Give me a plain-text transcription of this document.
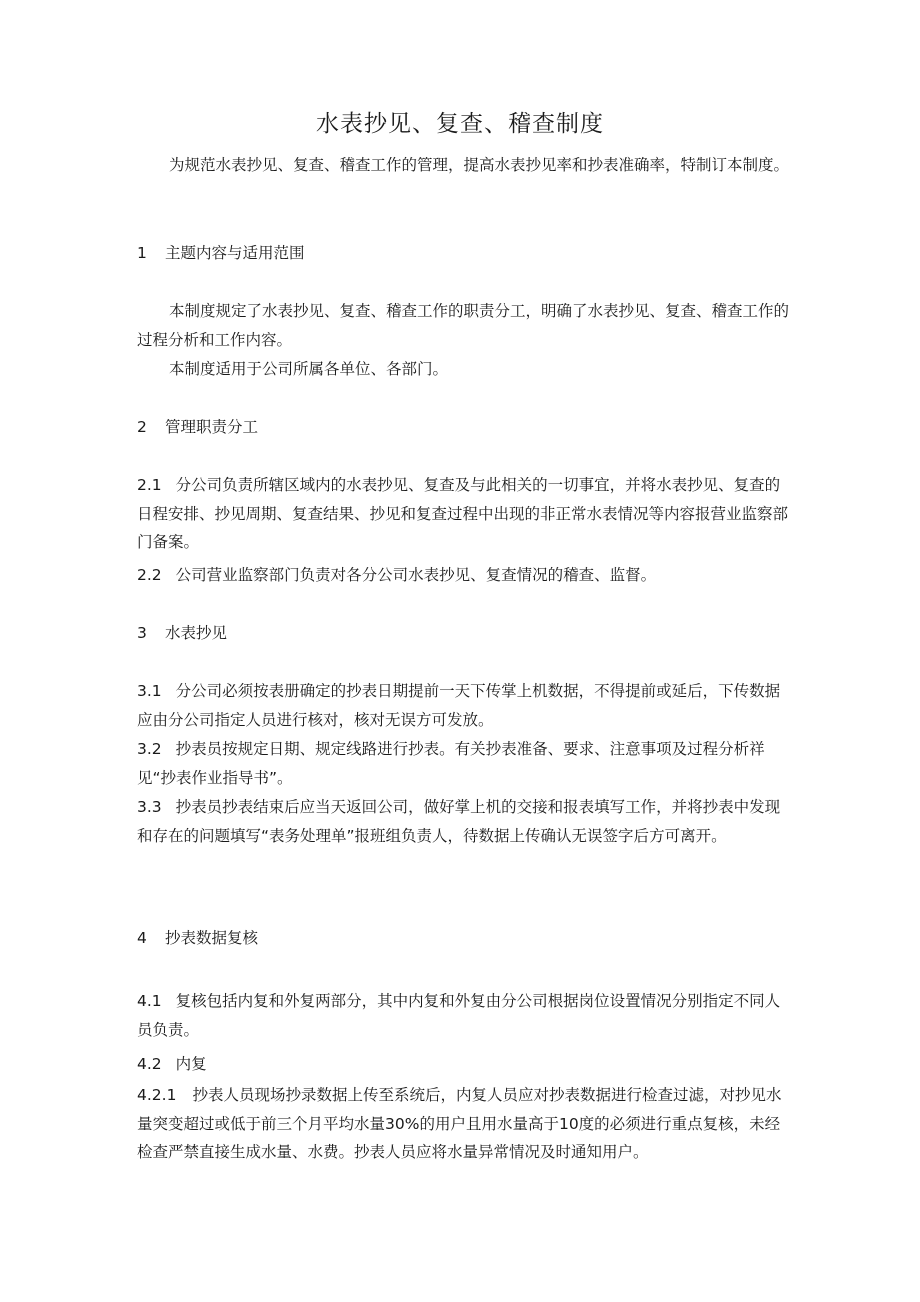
水表抄见、复查、稽查制度
为规范水表抄见、复查、稽查工作的管理，提高水表抄见率和抄表准确率，特制订本制度。
1	主题内容与适用范围
本制度规定了水表抄见、复查、稽查工作的职责分工，明确了水表抄见、复查、稽查工作的过程分析和工作内容。
本制度适用于公司所属各单位、各部门。
2	管理职责分工
2.1 分公司负责所辖区域内的水表抄见、复查及与此相关的一切事宜，并将水表抄见、复查的日程安排、抄见周期、复查结果、抄见和复查过程中出现的非正常水表情况等内容报营业监察部门备案。
2.2 公司营业监察部门负责对各分公司水表抄见、复查情况的稽查、监督。
3	水表抄见
3.1 分公司必须按表册确定的抄表日期提前一天下传掌上机数据，不得提前或延后，下传数据应由分公司指定人员进行核对，核对无误方可发放。
3.2 抄表员按规定日期、规定线路进行抄表。有关抄表准备、要求、注意事项及过程分析祥见“抄表作业指导书”。
3.3 抄表员抄表结束后应当天返回公司，做好掌上机的交接和报表填写工作，并将抄表中发现和存在的问题填写“表务处理单”报班组负责人，待数据上传确认无误签字后方可离开。
4	抄表数据复核
4.1 复核包括内复和外复两部分，其中内复和外复由分公司根据岗位设置情况分别指定不同人员负责。
4.2 内复
4.2.1 抄表人员现场抄录数据上传至系统后，内复人员应对抄表数据进行检查过滤，对抄见水量突变超过或低于前三个月平均水量30%的用户且用水量高于10度的必须进行重点复核，未经检查严禁直接生成水量、水费。抄表人员应将水量异常情况及时通知用户。
